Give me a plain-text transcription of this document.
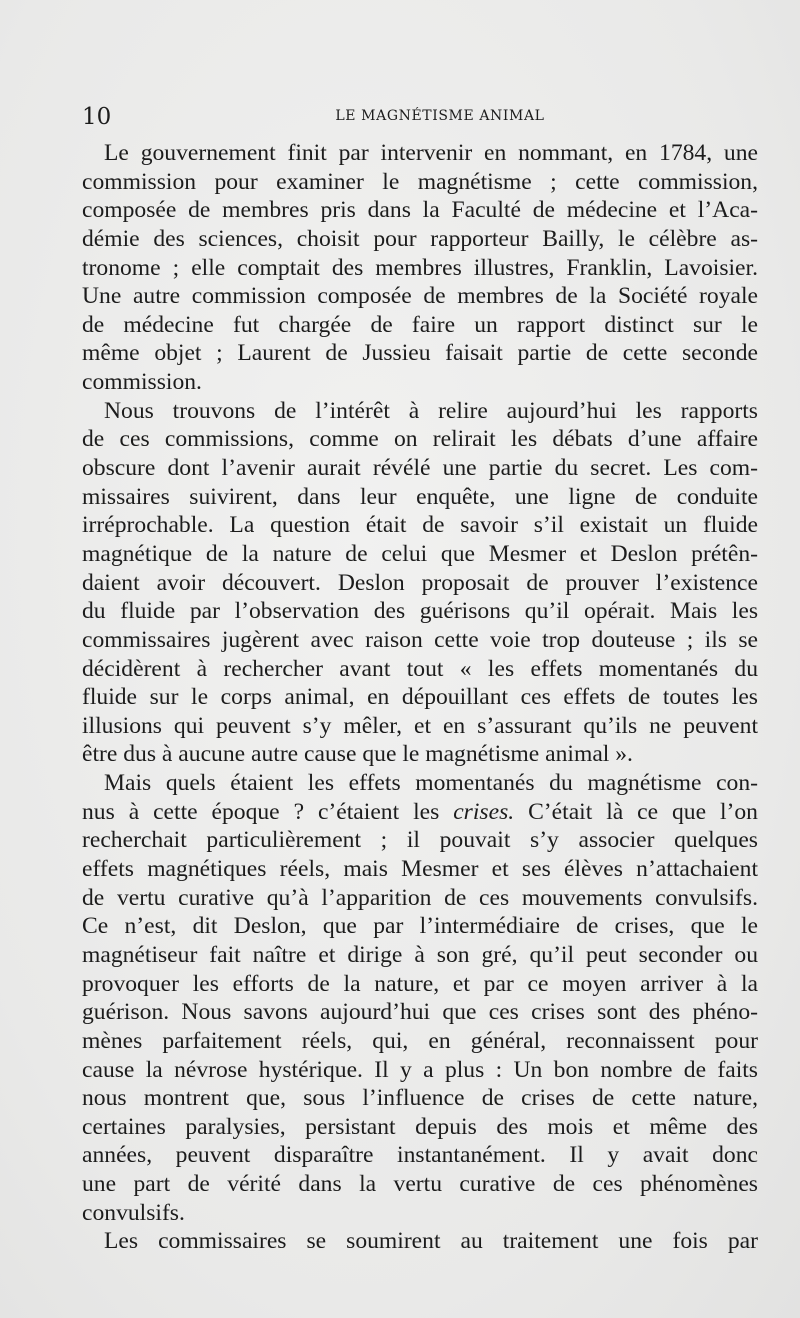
10	LE MAGNÉTISME ANIMAL
Le gouvernement finit par intervenir en nommant, en 1784, une
commission pour examiner le magnétisme ; cette commission,
composée de membres pris dans la Faculté de médecine et l’Aca-
démie des sciences, choisit pour rapporteur Bailly, le célèbre as-
tronome ; elle comptait des membres illustres, Franklin, Lavoisier.
Une autre commission composée de membres de la Société royale
de médecine fut chargée de faire un rapport distinct sur le
même objet ; Laurent de Jussieu faisait partie de cette seconde
commission.
Nous trouvons de l’intérêt à relire aujourd’hui les rapports
de ces commissions, comme on relirait les débats d’une affaire
obscure dont l’avenir aurait révélé une partie du secret. Les com-
missaires suivirent, dans leur enquête, une ligne de conduite
irréprochable. La question était de savoir s’il existait un fluide
magnétique de la nature de celui que Mesmer et Deslon prétên-
daient avoir découvert. Deslon proposait de prouver l’existence
du fluide par l’observation des guérisons qu’il opérait. Mais les
commissaires jugèrent avec raison cette voie trop douteuse ; ils se
décidèrent à rechercher avant tout « les effets momentanés du
fluide sur le corps animal, en dépouillant ces effets de toutes les
illusions qui peuvent s’y mêler, et en s’assurant qu’ils ne peuvent
être dus à aucune autre cause que le magnétisme animal ».
Mais quels étaient les effets momentanés du magnétisme con-
nus à cette époque ? c’étaient les crises. C’était là ce que l’on
recherchait particulièrement ; il pouvait s’y associer quelques
effets magnétiques réels, mais Mesmer et ses élèves n’attachaient
de vertu curative qu’à l’apparition de ces mouvements convulsifs.
Ce n’est, dit Deslon, que par l’intermédiaire de crises, que le
magnétiseur fait naître et dirige à son gré, qu’il peut seconder ou
provoquer les efforts de la nature, et par ce moyen arriver à la
guérison. Nous savons aujourd’hui que ces crises sont des phéno-
mènes parfaitement réels, qui, en général, reconnaissent pour
cause la névrose hystérique. Il y a plus : Un bon nombre de faits
nous montrent que, sous l’influence de crises de cette nature,
certaines paralysies, persistant depuis des mois et même des
années, peuvent disparaître instantanément. Il y avait donc
une part de vérité dans la vertu curative de ces phénomènes
convulsifs.
Les commissaires se soumirent au traitement une fois par
